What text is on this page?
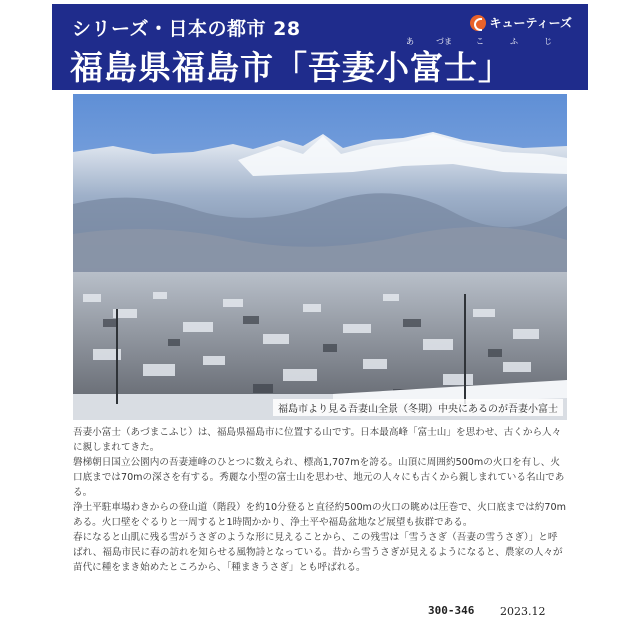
シリーズ・日本の都市 28	キューティーズ
あ	づま	こ	ふ	じ
福島県福島市「吾妻小富士」
福島市より見る吾妻山全景（冬期）中央にあるのが吾妻小富士

吾妻小富士（あづまこふじ）は、福島県福島市に位置する山です。日本最高峰「富士山」を思わせ、古くから人々に親しまれてきた。

磐梯朝日国立公園内の吾妻連峰のひとつに数えられ、標高1,707mを誇る。山頂に周囲約500mの火口を有し、火口底までは70mの深さを有する。秀麗な小型の富士山を思わせ、地元の人々にも古くから親しまれている名山である。

浄土平駐車場わきからの登山道（階段）を約10分登ると直径約500mの火口の眺めは圧巻で、火口底までは約70mある。火口壁をぐるりと一周すると1時間かかり、浄土平や福島盆地など展望も抜群である。

春になると山肌に残る雪がうさぎのような形に見えることから、この残雪は「雪うさぎ（吾妻の雪うさぎ）」と呼ばれ、福島市民に春の訪れを知らせる風物詩となっている。昔から雪うさぎが見えるようになると、農家の人々が苗代に種をまき始めたところから、「種まきうさぎ」とも呼ばれる。

300-346 2023.12
